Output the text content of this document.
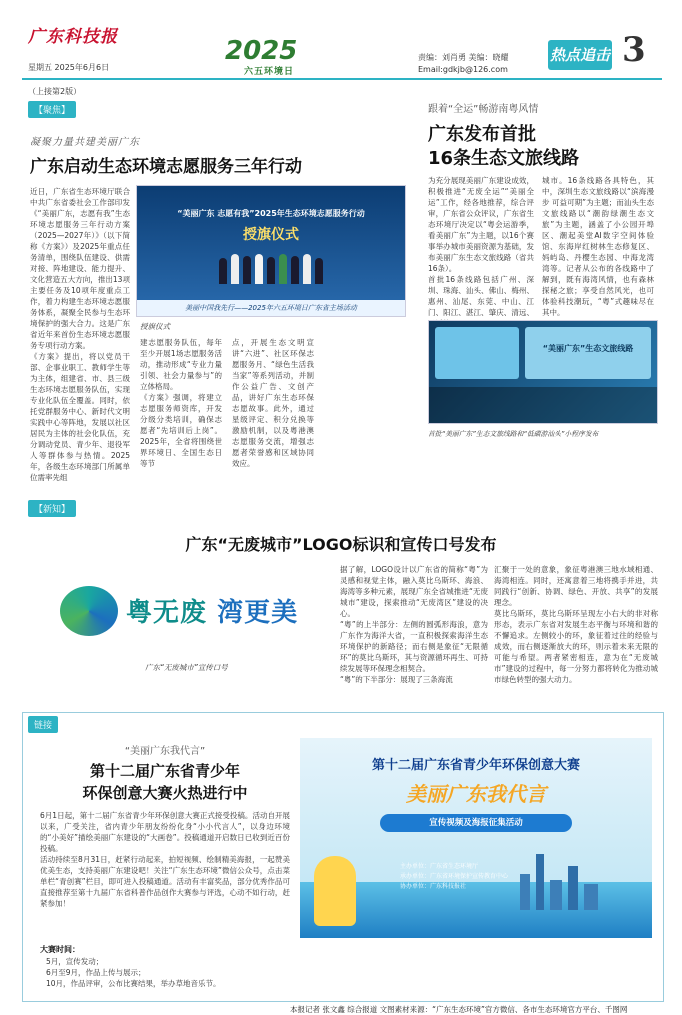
广东科技报
星期五 2025年6月6日
2025
六五环境日
责编：刘肖勇 美编：晓耀
Email:gdkjb@126.com
热点追击 3
（上接第2版）
【聚焦】
凝聚力量共建美丽广东
广东启动生态环境志愿服务三年行动
近日，广东省生态环境厅联合中共广东省委社会工作部印发《“美丽广东，志愿有我”生态环境志愿服务三年行动方案（2025—2027年）》（以下简称《方案》）及2025年重点任务清单，围绕队伍建设、供需对接、阵地建设、能力提升、文化营造五大方向，推出13项主要任务及10项年度重点工作，着力构建生态环境志愿服务体系，凝聚全民参与生态环境保护的强大合力。这是广东省近年来首份生态环境志愿服务专项行动方案。
《方案》提出，将以党员干部、企事业职工、教师学生等为主体，组建省、市、县三级生态环境志愿服务队伍，实现专业化队伍全覆盖。同时，依托党群服务中心、新时代文明实践中心等阵地，发展以社区居民为主体的社会化队伍，充分调动党员、青少年、退役军人等群体参与热情。2025年，各级生态环境部门所属单位需率先组
“美丽广东 志愿有我”2025年生态环境志愿服务行动
授旗仪式
美丽中国我先行——2025年六五环境日广东省主场活动
授旗仪式
建志愿服务队伍，每年至少开展1场志愿服务活动，推动形成“专业力量引领、社会力量参与”的立体格局。
《方案》强调，将建立志愿服务师资库，开发分级分类培训，确保志愿者“先培训后上岗”。2025年，全省将围绕世界环境日、全国生态日等节
点，开展生态文明宣讲“六进”、社区环保志愿服务月、“绿色生活我当家”等系列活动，并制作公益广告、文创产品，讲好广东生态环保志愿故事。此外，通过星级评定、积分兑换等激励机制，以及粤港澳志愿服务交流，增强志愿者荣誉感和区域协同效应。
跟着“全运”畅游南粤风情
广东发布首批
16条生态文旅线路
为充分展现美丽广东建设成效，积极推进“无废全运”“美丽全运”工作，经各地推荐，综合评审，广东省公众评议，广东省生态环境厅决定以“粤会运游季，看美丽广东”为主题，以16个赛事举办城市美丽资源为基础，发布美丽广东生态文旅线路（省共16条）。
首批16条线路包括广州、深圳、珠海、汕头、佛山、梅州、惠州、汕尾、东莞、中山、江门、阳江、湛江、肇庆、清远、
城市。16条线路各具特色，其中，深圳生态文旅线路以“滨海漫步 可益可期”为主题；而汕头生态文旅线路以“潮韵绿潮生态文旅”为主题，涵盖了小公园开埠区、潮起美堂AI数字空间体验馆、东海岸红树林生态修复区、妈屿岛、丹樱生态园、中海龙湾湾等。记者从公布的各线路中了解到，既有海湾风情，也有森林探秘之旅；享受自然风光，也可体验科技潮玩，“粤”式趣味尽在其中。
“美丽广东”生态文旅线路
首批“美丽广东”生态文旅线路和“低碳游汕头”小程序发布
【新知】
广东“无废城市”LOGO标识和宣传口号发布
粤无废 湾更美
广东“无废城市”宣传口号
据了解，LOGO设计以广东省的简称“粤”为灵感和视觉主体，融入莫比乌斯环、海浪、海湾等多种元素，展现广东全省城推进“无废城市”建设，探索推动“无废湾区”建设的决心。
“粤”的上半部分：左侧的圆弧形海浪，意为广东作为海洋大省，一直积极探索海洋生态环境保护的新路径；而右侧是象征“无限循环”的莫比乌斯环，其与资源循环再生、可持续发展等环保理念相契合。
“粤”的下半部分：展现了三条海流
汇聚于一处的意象，象征粤港澳三地水域相通、海湾相连。同时，还寓意着三地将携手并进，共同践行“创新、协调、绿色、开放、共享”的发展理念。
莫比乌斯环，莫比乌斯环呈现左小右大的非对称形态，表示广东省对发展生态平衡与环境和谐的不懈追求。左侧较小的环，象征着过往的经验与成效，而右侧逐渐放大的环，则示着未来无限的可能与希望。两者紧密相连，意为在“无废城市”建设的过程中，每一分努力都将转化为推动城市绿色转型的强大动力。
链接
“美丽广东我代言”
第十二届广东省青少年
环保创意大赛火热进行中
6月1日起，第十二届广东省青少年环保创意大赛正式接受投稿。活动自开展以来，广受关注，省内青少年朋友纷纷化身“小小代言人”，以身边环境的“小美好”描绘美丽广东建设的“大画卷”。投稿通道开启数日已收到近百份投稿。
活动持续至8月31日，赶紧行动起来，拍短视频、绘制精美海报，一起赞美优美生态，支持美丽广东建设吧！关注“广东生态环境”微信公众号，点击菜单栏“青创赛”栏目，即可进入投稿通道。活动有丰富奖品，部分优秀作品可直接推荐至第十九届广东省科普作品创作大赛参与评选，心动不如行动，赶紧参加！
大赛时间：
5月，宣传发动；
6月至9月，作品上传与展示；
10月，作品评审，公布比赛结果，举办草地音乐节。
第十二届广东省青少年环保创意大赛
美丽广东我代言
宣传视频及海报征集活动
主办单位：广东省生态环境厅
承办单位：广东省环境保护宣传教育中心
协办单位：广东科技报社
本报记者 张文鑫 综合报道 文图素材来源：“广东生态环境”官方微信、各市生态环境官方平台、千图网
